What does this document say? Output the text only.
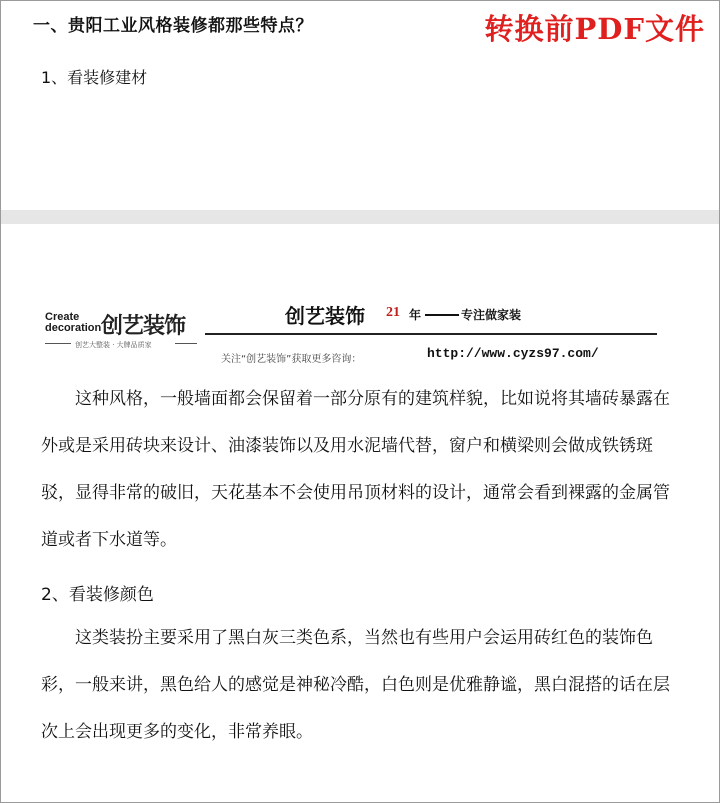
一、贵阳工业风格装修都那些特点？	转换前PDF文件
1、看装修建材
Create
decoration 创艺装饰
创艺大整装 · 大牌品质家
创艺装饰 21 年	专注做家装
关注“创艺装饰”获取更多咨询：	http://www.cyzs97.com/
这种风格，一般墙面都会保留着一部分原有的建筑样貌，比如说将其墙砖暴露在外或是采用砖块来设计、油漆装饰以及用水泥墙代替，窗户和横梁则会做成铁锈斑驳，显得非常的破旧，天花基本不会使用吊顶材料的设计，通常会看到裸露的金属管道或者下水道等。
2、看装修颜色
这类装扮主要采用了黑白灰三类色系，当然也有些用户会运用砖红色的装饰色彩，一般来讲，黑色给人的感觉是神秘冷酷，白色则是优雅静谧，黑白混搭的话在层次上会出现更多的变化，非常养眼。
